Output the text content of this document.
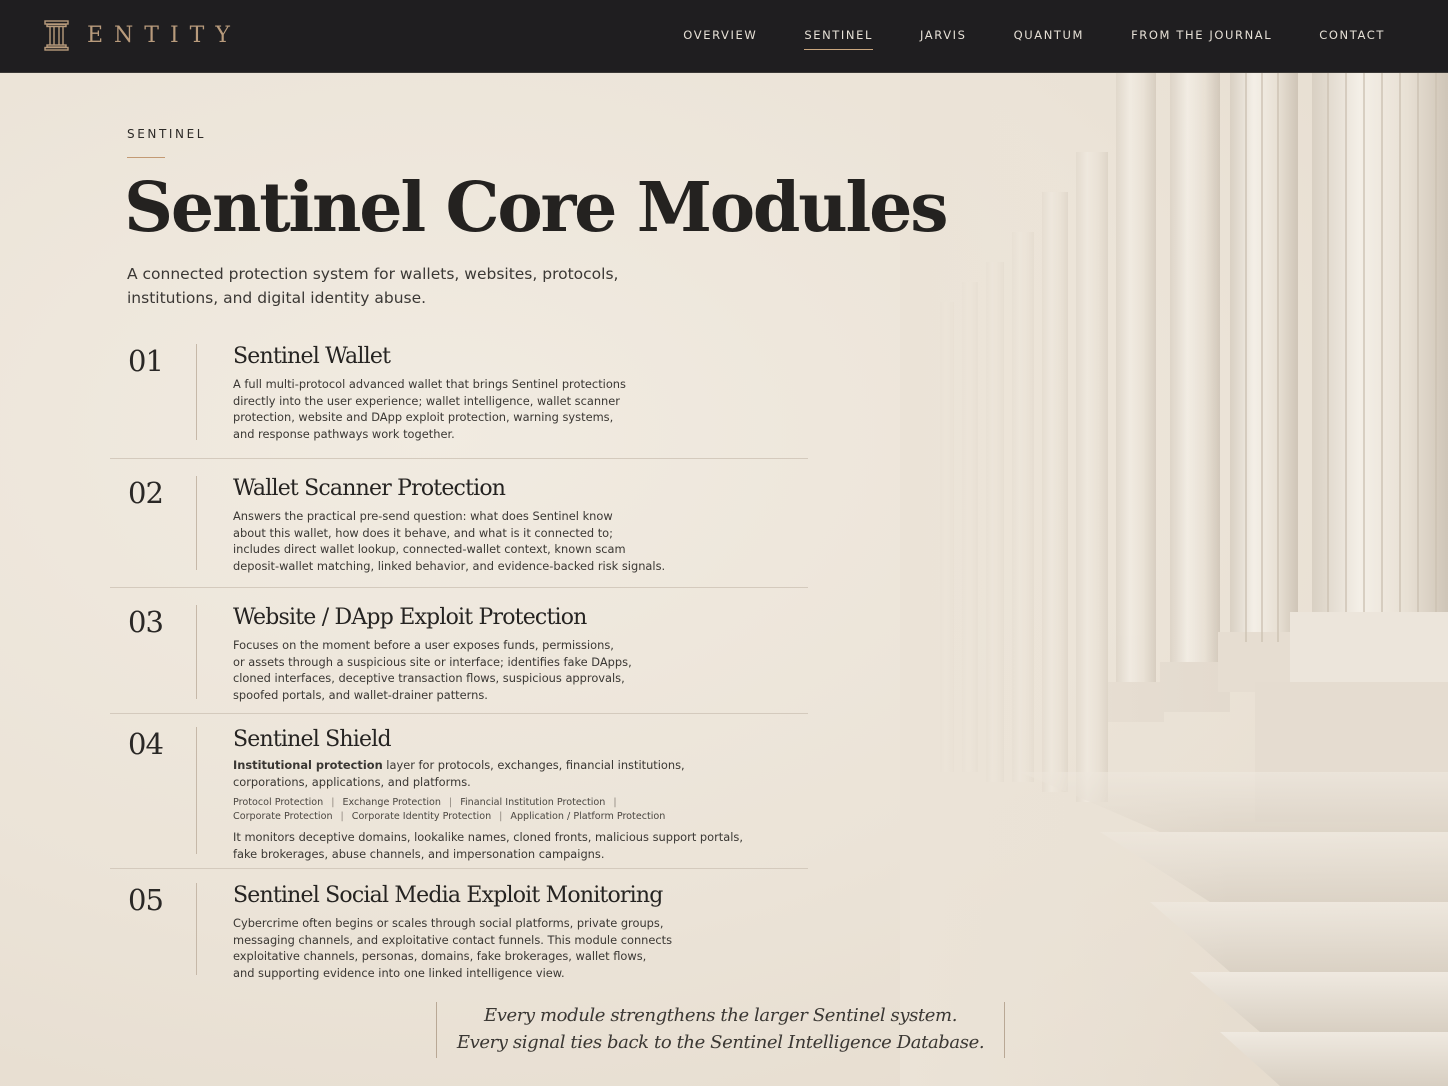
ENTITY	OVERVIEW	SENTINEL	JARVIS	QUANTUM	FROM THE JOURNAL	CONTACT
SENTINEL
Sentinel Core Modules

A connected protection system for wallets, websites, protocols, institutions, and digital identity abuse.

01	Sentinel Wallet
A full multi-protocol advanced wallet that brings Sentinel protections
directly into the user experience; wallet intelligence, wallet scanner
protection, website and DApp exploit protection, warning systems,
and response pathways work together.
02	Wallet Scanner Protection
Answers the practical pre-send question: what does Sentinel know
about this wallet, how does it behave, and what is it connected to;
includes direct wallet lookup, connected-wallet context, known scam
deposit-wallet matching, linked behavior, and evidence-backed risk signals.
03	Website / DApp Exploit Protection
Focuses on the moment before a user exposes funds, permissions,
or assets through a suspicious site or interface; identifies fake DApps,
cloned interfaces, deceptive transaction flows, suspicious approvals,
spoofed portals, and wallet-drainer patterns.
04	Sentinel Shield
Institutional protection layer for protocols, exchanges, financial institutions,
corporations, applications, and platforms.
Protocol Protection | Exchange Protection | Financial Institution Protection |
Corporate Protection | Corporate Identity Protection | Application / Platform Protection
It monitors deceptive domains, lookalike names, cloned fronts, malicious support portals,
fake brokerages, abuse channels, and impersonation campaigns.
05	Sentinel Social Media Exploit Monitoring
Cybercrime often begins or scales through social platforms, private groups,
messaging channels, and exploitative contact funnels. This module connects
exploitative channels, personas, domains, fake brokerages, wallet flows,
and supporting evidence into one linked intelligence view.
Every module strengthens the larger Sentinel system.
Every signal ties back to the Sentinel Intelligence Database.
